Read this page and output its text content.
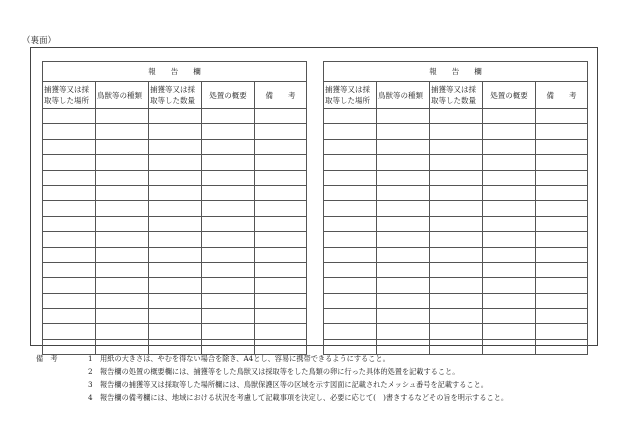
（裏面）
報　　告　　欄				
捕獲等又は採取等した場所	鳥獣等の種類	捕獲等又は採取等した数量	処置の概要	備　　考

報　　告　　欄				
捕獲等又は採取等した場所	鳥獣等の種類	捕獲等又は採取等した数量	処置の概要	備　　考

備　考	1	用紙の大きさは、やむを得ない場合を除き、A4とし、容易に携帯できるようにすること。
2	報告欄の処置の概要欄には、捕獲等をした鳥獣又は採取等をした鳥類の卵に行った具体的処置を記載すること。
3	報告欄の捕獲等又は採取等した場所欄には、鳥獣保護区等の区域を示す図面に記載されたメッシュ番号を記載すること。
4	報告欄の備考欄には、地域における状況を考慮して記載事項を決定し、必要に応じて(　)書きするなどその旨を明示すること。
